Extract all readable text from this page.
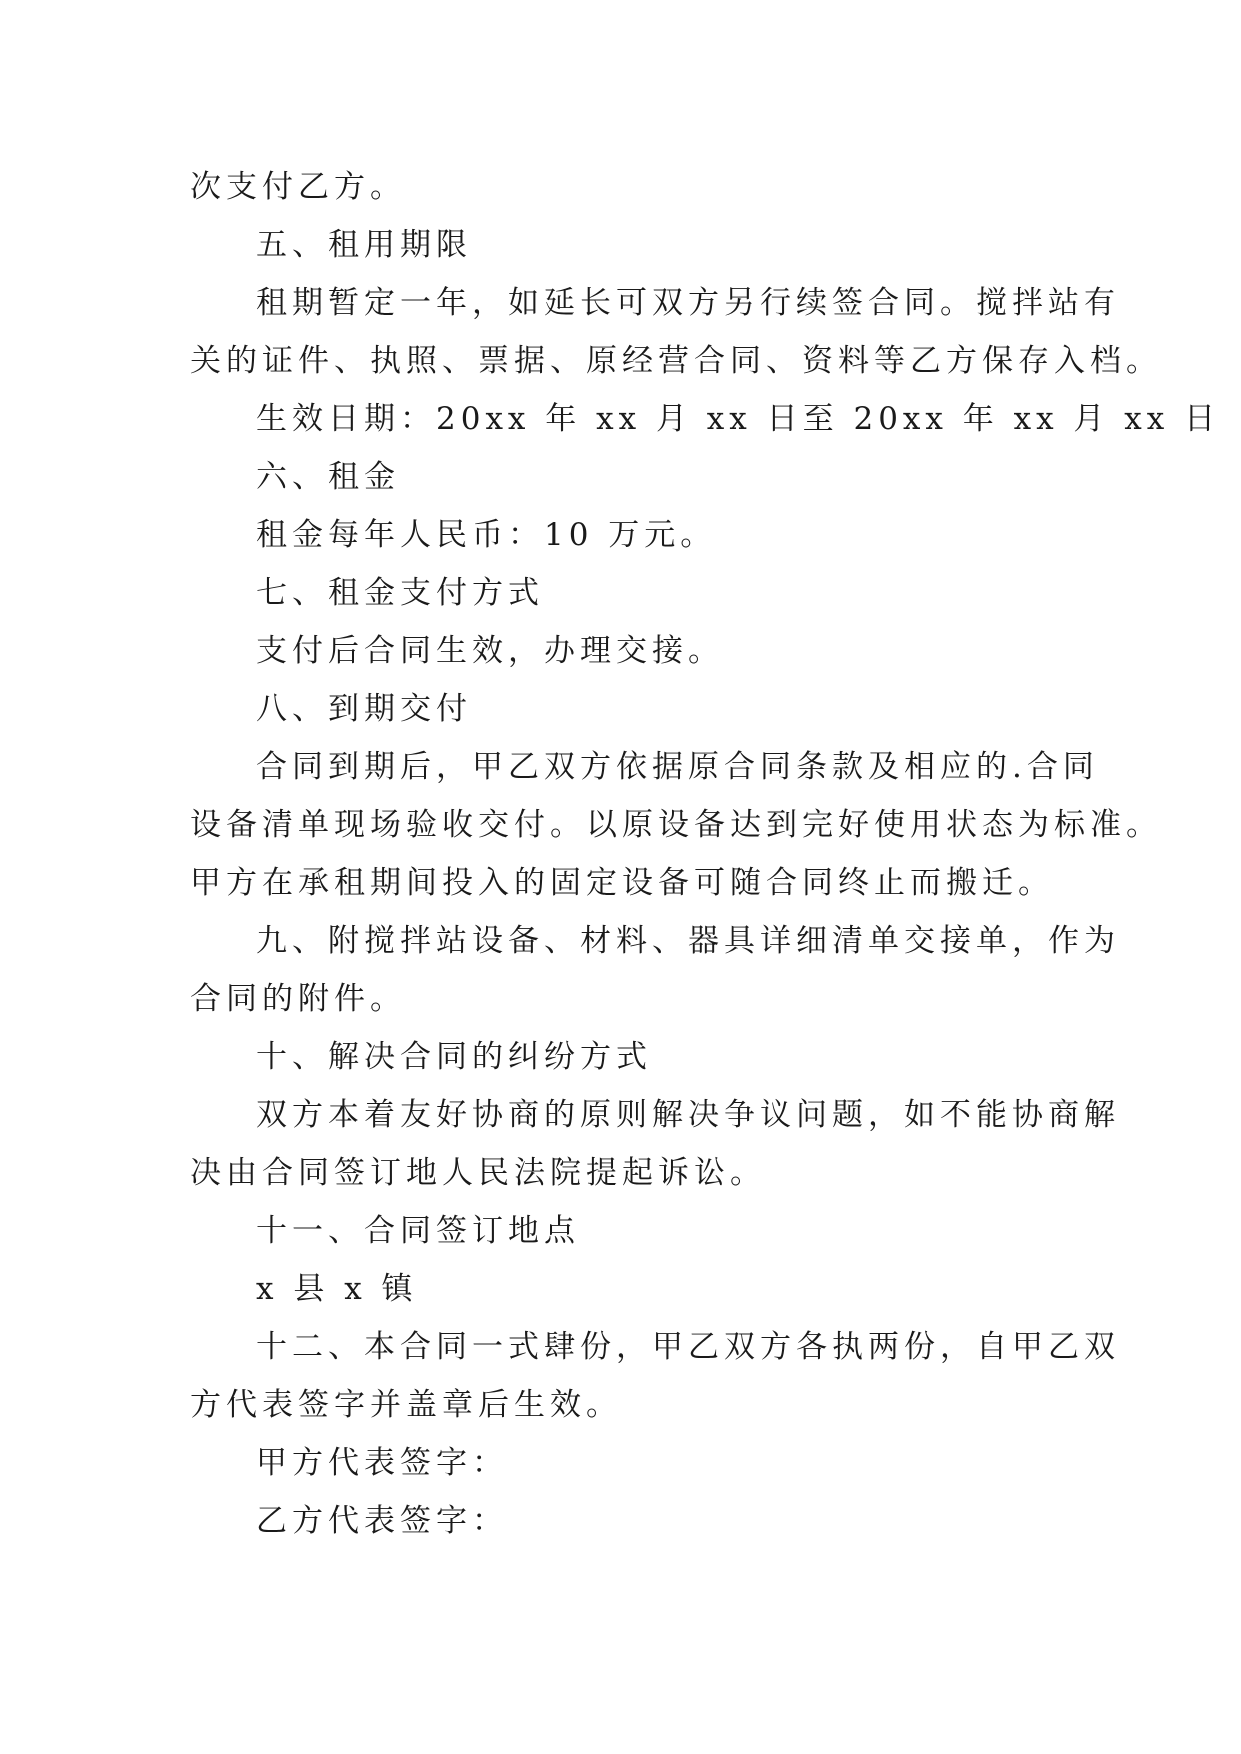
次支付乙方。
五、租用期限
租期暂定一年，如延长可双方另行续签合同。搅拌站有
关的证件、执照、票据、原经营合同、资料等乙方保存入档。
生效日期：20xx 年 xx 月 xx 日至 20xx 年 xx 月 xx 日
六、租金
租金每年人民币：10 万元。
七、租金支付方式
支付后合同生效，办理交接。
八、到期交付
合同到期后，甲乙双方依据原合同条款及相应的.合同
设备清单现场验收交付。以原设备达到完好使用状态为标准。
甲方在承租期间投入的固定设备可随合同终止而搬迁。
九、附搅拌站设备、材料、器具详细清单交接单，作为
合同的附件。
十、解决合同的纠纷方式
双方本着友好协商的原则解决争议问题，如不能协商解
决由合同签订地人民法院提起诉讼。
十一、合同签订地点
x 县 x 镇
十二、本合同一式肆份，甲乙双方各执两份，自甲乙双
方代表签字并盖章后生效。
甲方代表签字：
乙方代表签字：
